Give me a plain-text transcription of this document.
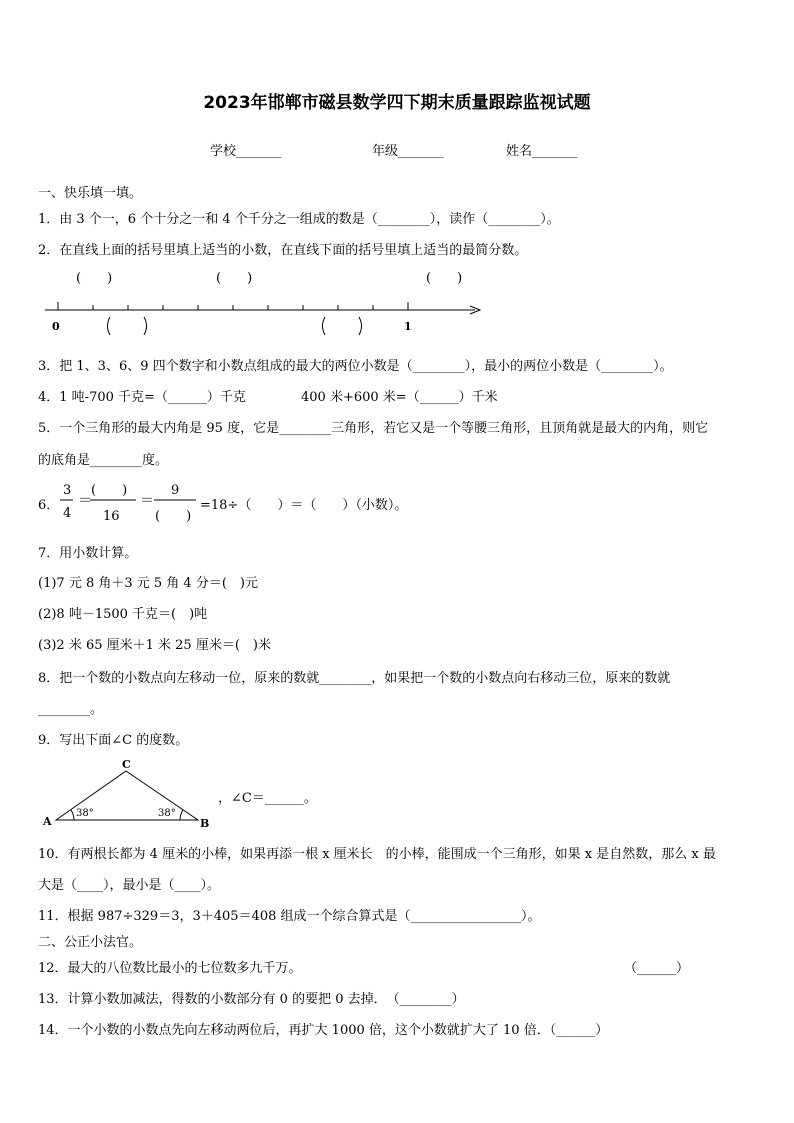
2023年邯郸市磁县数学四下期末质量跟踪监视试题
学校_______	年级_______	姓名_______
一、快乐填一填。
1．由 3 个一，6 个十分之一和 4 个千分之一组成的数是（________），读作（________）。
2．在直线上面的括号里填上适当的小数，在直线下面的括号里填上适当的最简分数。
0	1
(　　)	(　　)	(　　)
3．把 1、3、6、9 四个数字和小数点组成的最大的两位小数是（________），最小的两位小数是（________）。
4．1 吨-700 千克=（______）千克	400 米+600 米=（______）千米
5．一个三角形的最大内角是 95 度，它是________三角形，若它又是一个等腰三角形，且顶角就是最大的内角，则它
的底角是________度。
6．
3
4
＝
(　　)
16
＝
9
(　　)
=18÷（　　）＝（　　）（小数）。
7．用小数计算。
(1)7 元 8 角＋3 元 5 角 4 分＝(　)元
(2)8 吨－1500 千克＝(　)吨
(3)2 米 65 厘米＋1 米 25 厘米＝(　)米
8．把一个数的小数点向左移动一位，原来的数就________，如果把一个数的小数点向右移动三位，原来的数就
________。
9．写出下面∠C 的度数。
C
A	B
38°	38°
，∠C＝______。
10．有两根长都为 4 厘米的小棒，如果再添一根 x 厘米长　的小棒，能围成一个三角形，如果 x 是自然数，那么 x 最
大是（____），最小是（____）。
11．根据 987÷329＝3，3＋405＝408 组成一个综合算式是（_________________）。
二、公正小法官。
12．最大的八位数比最小的七位数多九千万。	（______）
13．计算小数加减法，得数的小数部分有 0 的要把 0 去掉．　（________）
14．一个小数的小数点先向左移动两位后，再扩大 1000 倍，这个小数就扩大了 10 倍．（______）
